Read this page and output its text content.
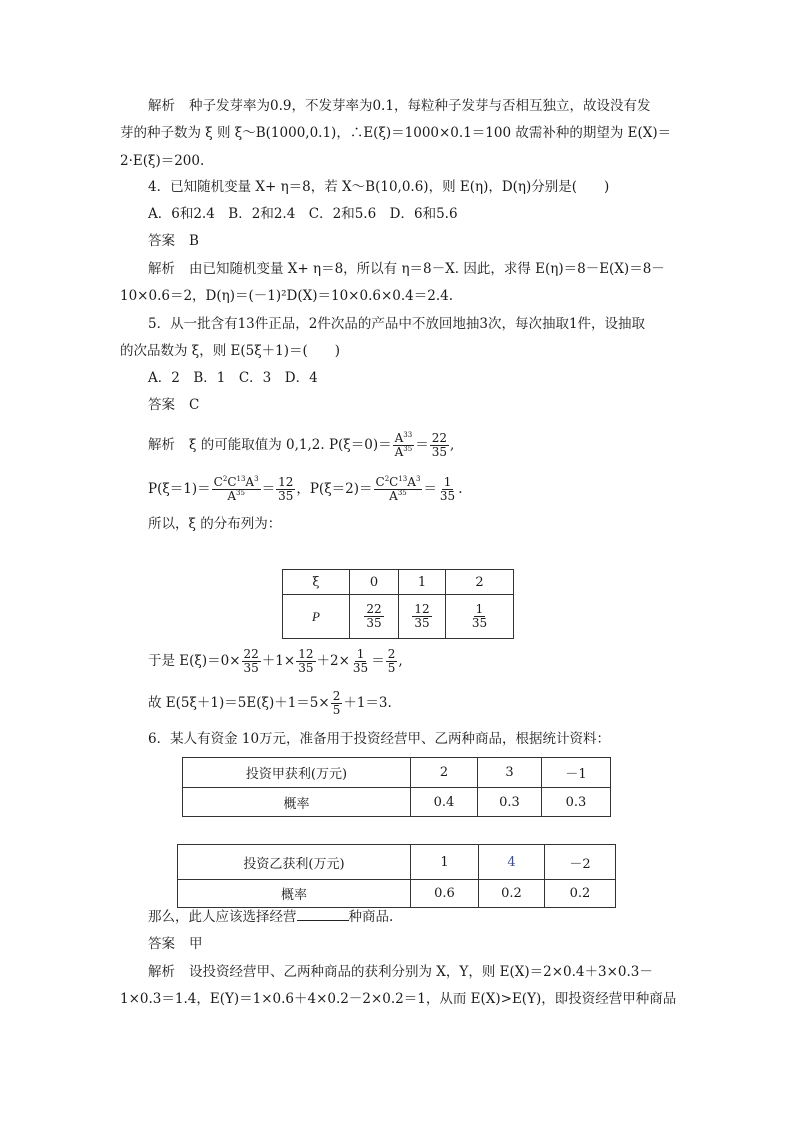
解析 种子发芽率为0.9，不发芽率为0.1，每粒种子发芽与否相互独立，故设没有发
芽的种子数为 ξ 则 ξ～B(1000,0.1)，∴E(ξ)＝1000×0.1＝100 故需补种的期望为 E(X)＝
2·E(ξ)＝200.
4．已知随机变量 X+ η＝8，若 X～B(10,0.6)，则 E(η)，D(η)分别是(　　)
A．6和2.4　B．2和2.4　C．2和5.6　D．6和5.6
答案 B
解析 由已知随机变量 X+ η＝8，所以有 η＝8－X. 因此，求得 E(η)＝8－E(X)＝8－
10×0.6＝2，D(η)＝(－1)²D(X)＝10×0.6×0.4＝2.4.
5．从一批含有13件正品，2件次品的产品中不放回地抽3次，每次抽取1件，设抽取
的次品数为 ξ，则 E(5ξ＋1)＝(　　)
A．2　B．1　C．3　D．4
答案 C
解析 ξ 的可能取值为 0,1,2. $P(\xi=0)= \frac{A^{33}}{A^{35}} = \frac{22}{35}$ ,
$P(\xi=1)= \frac{C^2C^{13}A^3}{A^{35}} = \frac{12}{35}$ ，$P(\xi=2)= \frac{C^2C^{13}A^3}{A^{35}} = \frac{1}{35}$ .
所以，ξ 的分布列为：
ξ	0	1	2
P	$\frac{22}{35}$	$\frac{12}{35}$	$\frac{1}{35}$
于是 $E(\xi)=0\times \frac{22}{35} +1\times \frac{12}{35} +2\times \frac{1}{35} = \frac{2}{5}$ ,
故 $E(5\xi+1)=5E(\xi)+1=5\times \frac{2}{5} +1=3$.
6．某人有资金 10万元，准备用于投资经营甲、乙两种商品，根据统计资料：
投资甲获利(万元)	2	3	－1
概率	0.4	0.3	0.3
投资乙获利(万元)	1	4	－2
概率	0.6	0.2	0.2
那么，此人应该选择经营	种商品.
答案 甲
解析 设投资经营甲、乙两种商品的获利分别为 X，Y，则 E(X)＝2×0.4＋3×0.3－
1×0.3＝1.4，E(Y)＝1×0.6＋4×0.2－2×0.2＝1，从而 E(X)>E(Y)，即投资经营甲种商品
